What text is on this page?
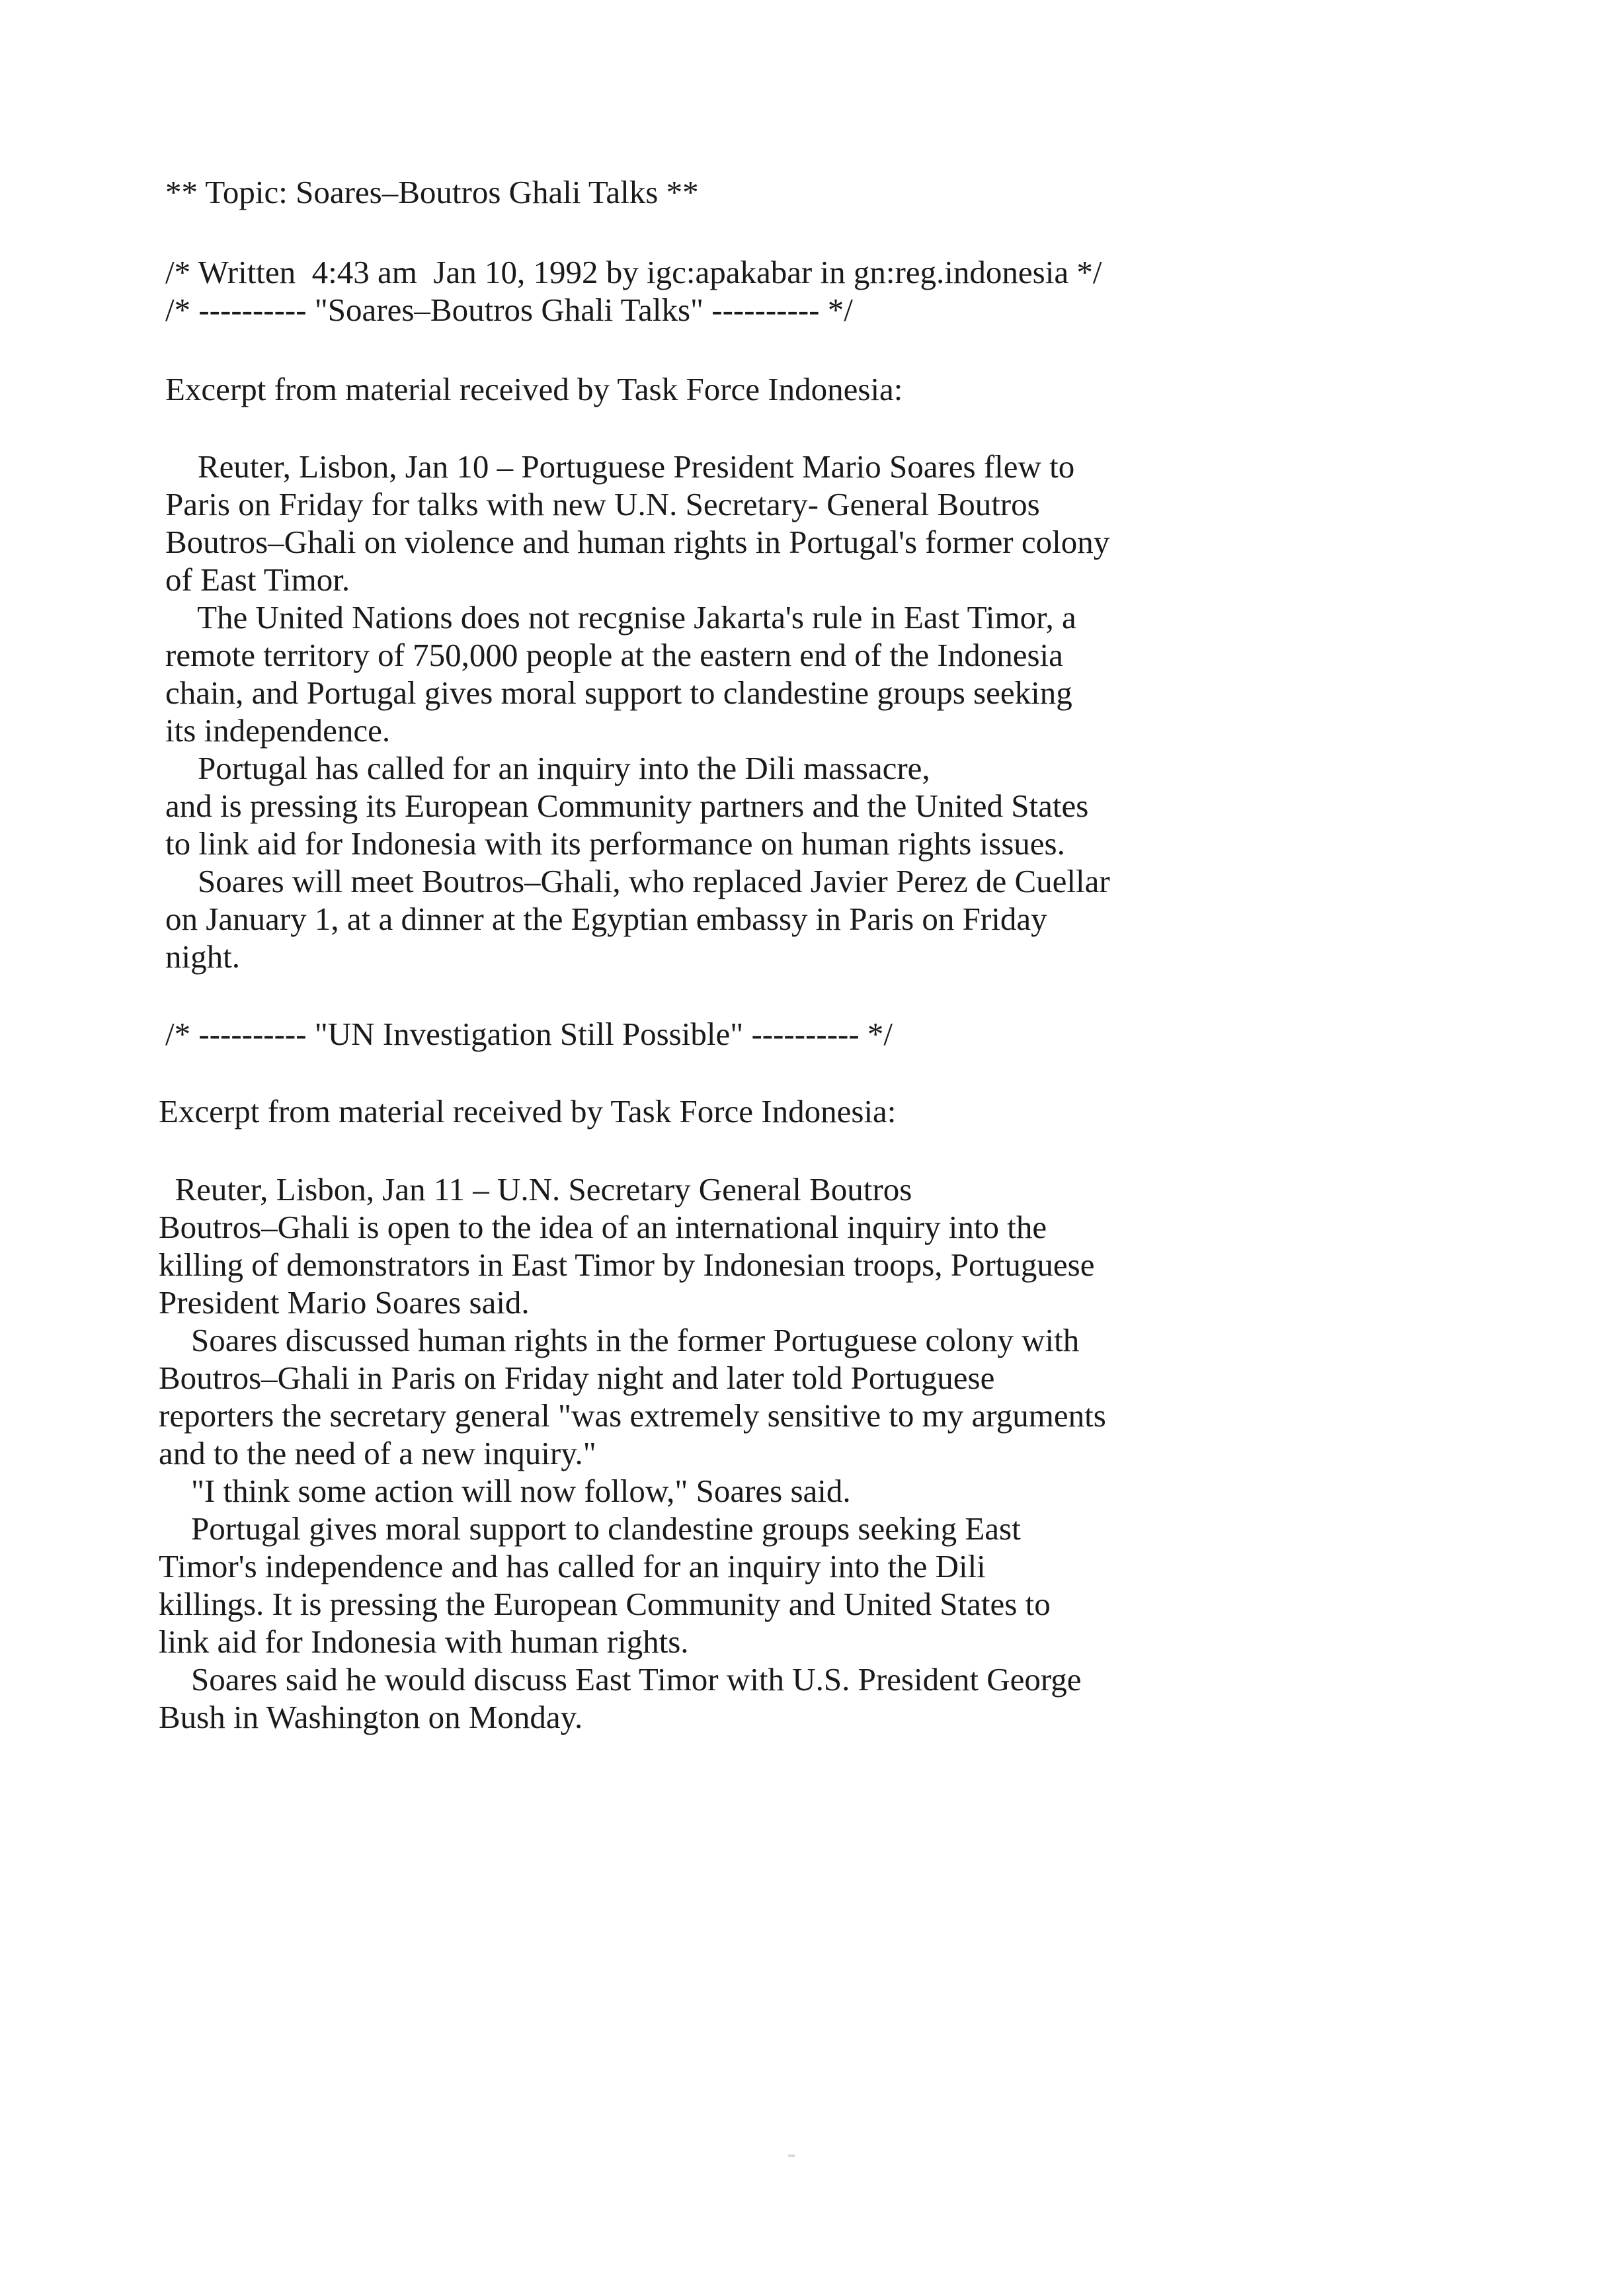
** Topic: Soares–Boutros Ghali Talks **
/* Written  4:43 am  Jan 10, 1992 by igc:apakabar in gn:reg.indonesia */
/* ---------- "Soares–Boutros Ghali Talks" ---------- */
Excerpt from material received by Task Force Indonesia:
Reuter, Lisbon, Jan 10 – Portuguese President Mario Soares flew to
Paris on Friday for talks with new U.N. Secretary- General Boutros
Boutros–Ghali on violence and human rights in Portugal's former colony
of East Timor.
The United Nations does not recgnise Jakarta's rule in East Timor, a
remote territory of 750,000 people at the eastern end of the Indonesia
chain, and Portugal gives moral support to clandestine groups seeking
its independence.
Portugal has called for an inquiry into the Dili massacre,
and is pressing its European Community partners and the United States
to link aid for Indonesia with its performance on human rights issues.
Soares will meet Boutros–Ghali, who replaced Javier Perez de Cuellar
on January 1, at a dinner at the Egyptian embassy in Paris on Friday
night.
/* ---------- "UN Investigation Still Possible" ---------- */
Excerpt from material received by Task Force Indonesia:
Reuter, Lisbon, Jan 11 – U.N. Secretary General Boutros
Boutros–Ghali is open to the idea of an international inquiry into the
killing of demonstrators in East Timor by Indonesian troops, Portuguese
President Mario Soares said.
Soares discussed human rights in the former Portuguese colony with
Boutros–Ghali in Paris on Friday night and later told Portuguese
reporters the secretary general "was extremely sensitive to my arguments
and to the need of a new inquiry."
"I think some action will now follow," Soares said.
Portugal gives moral support to clandestine groups seeking East
Timor's independence and has called for an inquiry into the Dili
killings. It is pressing the European Community and United States to
link aid for Indonesia with human rights.
Soares said he would discuss East Timor with U.S. President George
Bush in Washington on Monday.
